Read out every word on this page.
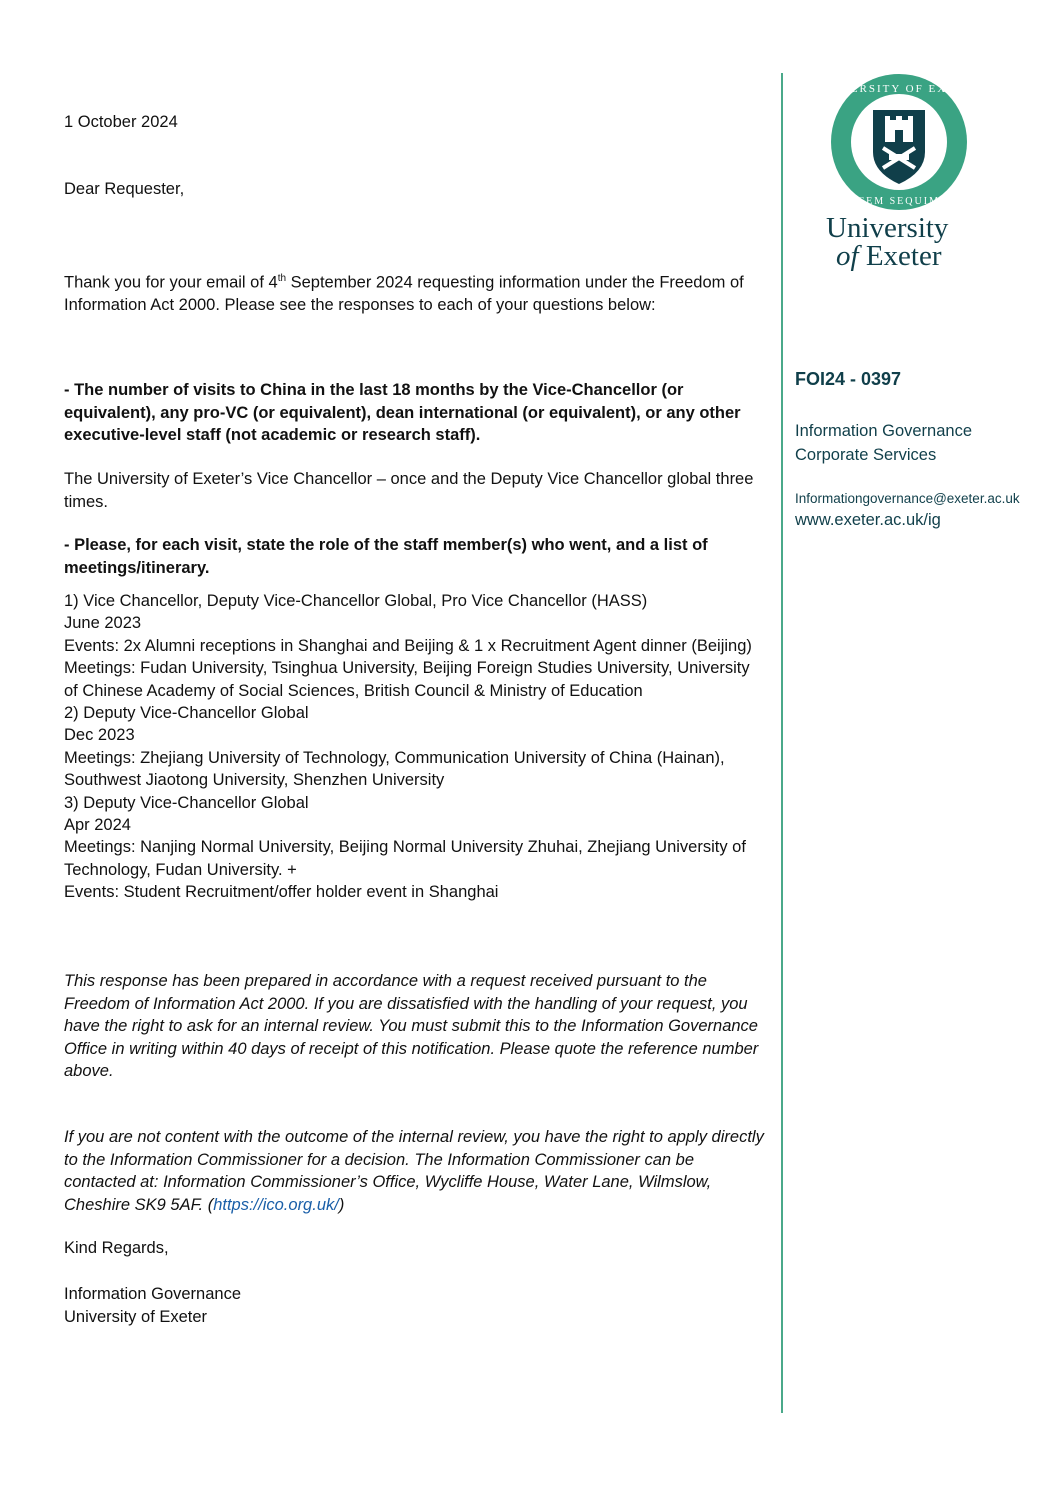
1 October 2024
Dear Requester,
Thank you for your email of 4th September 2024 requesting information under the Freedom of Information Act 2000. Please see the responses to each of your questions below:
- The number of visits to China in the last 18 months by the Vice-Chancellor (or equivalent), any pro-VC (or equivalent), dean international (or equivalent), or any other executive-level staff (not academic or research staff).
The University of Exeter’s Vice Chancellor – once and the Deputy Vice Chancellor global three times.
- Please, for each visit, state the role of the staff member(s) who went, and a list of meetings/itinerary.
1) Vice Chancellor, Deputy Vice-Chancellor Global, Pro Vice Chancellor (HASS)
June 2023
Events: 2x Alumni receptions in Shanghai and Beijing & 1 x Recruitment Agent dinner (Beijing)
Meetings: Fudan University, Tsinghua University, Beijing Foreign Studies University, University of Chinese Academy of Social Sciences, British Council & Ministry of Education
2) Deputy Vice-Chancellor Global
Dec 2023
Meetings: Zhejiang University of Technology, Communication University of China (Hainan), Southwest Jiaotong University, Shenzhen University
3) Deputy Vice-Chancellor Global
Apr 2024
Meetings: Nanjing Normal University, Beijing Normal University Zhuhai, Zhejiang University of Technology, Fudan University. +
Events: Student Recruitment/offer holder event in Shanghai
This response has been prepared in accordance with a request received pursuant to the Freedom of Information Act 2000. If you are dissatisfied with the handling of your request, you have the right to ask for an internal review. You must submit this to the Information Governance Office in writing within 40 days of receipt of this notification. Please quote the reference number above.
If you are not content with the outcome of the internal review, you have the right to apply directly to the Information Commissioner for a decision. The Information Commissioner can be contacted at: Information Commissioner’s Office, Wycliffe House, Water Lane, Wilmslow, Cheshire SK9 5AF. (https://ico.org.uk/)
Kind Regards,
Information Governance
University of Exeter
UNIVERSITY OF EXETER
LUCEM SEQUIMUR
University
of Exeter
FOI24 - 0397
Information Governance
Corporate Services
Informationgovernance@exeter.ac.uk
www.exeter.ac.uk/ig
